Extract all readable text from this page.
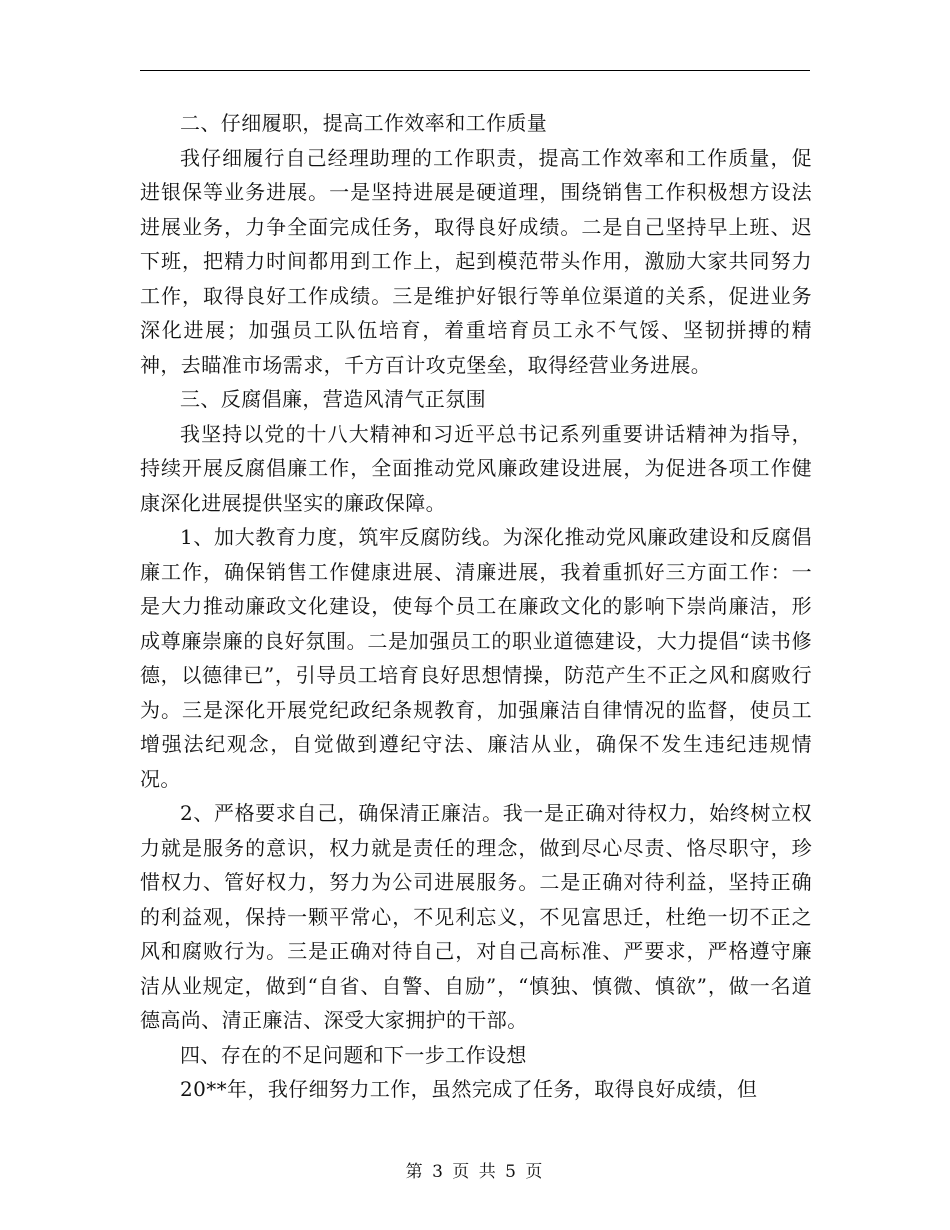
二、仔细履职，提高工作效率和工作质量

我仔细履行自己经理助理的工作职责，提高工作效率和工作质量，促进银保等业务进展。一是坚持进展是硬道理，围绕销售工作积极想方设法进展业务，力争全面完成任务，取得良好成绩。二是自己坚持早上班、迟下班，把精力时间都用到工作上，起到模范带头作用，激励大家共同努力工作，取得良好工作成绩。三是维护好银行等单位渠道的关系，促进业务深化进展；加强员工队伍培育，着重培育员工永不气馁、坚韧拼搏的精神，去瞄准市场需求，千方百计攻克堡垒，取得经营业务进展。

三、反腐倡廉，营造风清气正氛围

我坚持以党的十八大精神和习近平总书记系列重要讲话精神为指导，持续开展反腐倡廉工作，全面推动党风廉政建设进展，为促进各项工作健康深化进展提供坚实的廉政保障。

1、加大教育力度，筑牢反腐防线。为深化推动党风廉政建设和反腐倡廉工作，确保销售工作健康进展、清廉进展，我着重抓好三方面工作：一是大力推动廉政文化建设，使每个员工在廉政文化的影响下崇尚廉洁，形成尊廉崇廉的良好氛围。二是加强员工的职业道德建设，大力提倡“读书修德，以德律已”，引导员工培育良好思想情操，防范产生不正之风和腐败行为。三是深化开展党纪政纪条规教育，加强廉洁自律情况的监督，使员工增强法纪观念，自觉做到遵纪守法、廉洁从业，确保不发生违纪违规情况。

2、严格要求自己，确保清正廉洁。我一是正确对待权力，始终树立权力就是服务的意识，权力就是责任的理念，做到尽心尽责、恪尽职守，珍惜权力、管好权力，努力为公司进展服务。二是正确对待利益，坚持正确的利益观，保持一颗平常心，不见利忘义，不见富思迁，杜绝一切不正之风和腐败行为。三是正确对待自己，对自己高标准、严要求，严格遵守廉洁从业规定，做到“自省、自警、自励”，“慎独、慎微、慎欲”，做一名道德高尚、清正廉洁、深受大家拥护的干部。

四、存在的不足问题和下一步工作设想

20**年，我仔细努力工作，虽然完成了任务，取得良好成绩，但

第 3 页 共 5 页
